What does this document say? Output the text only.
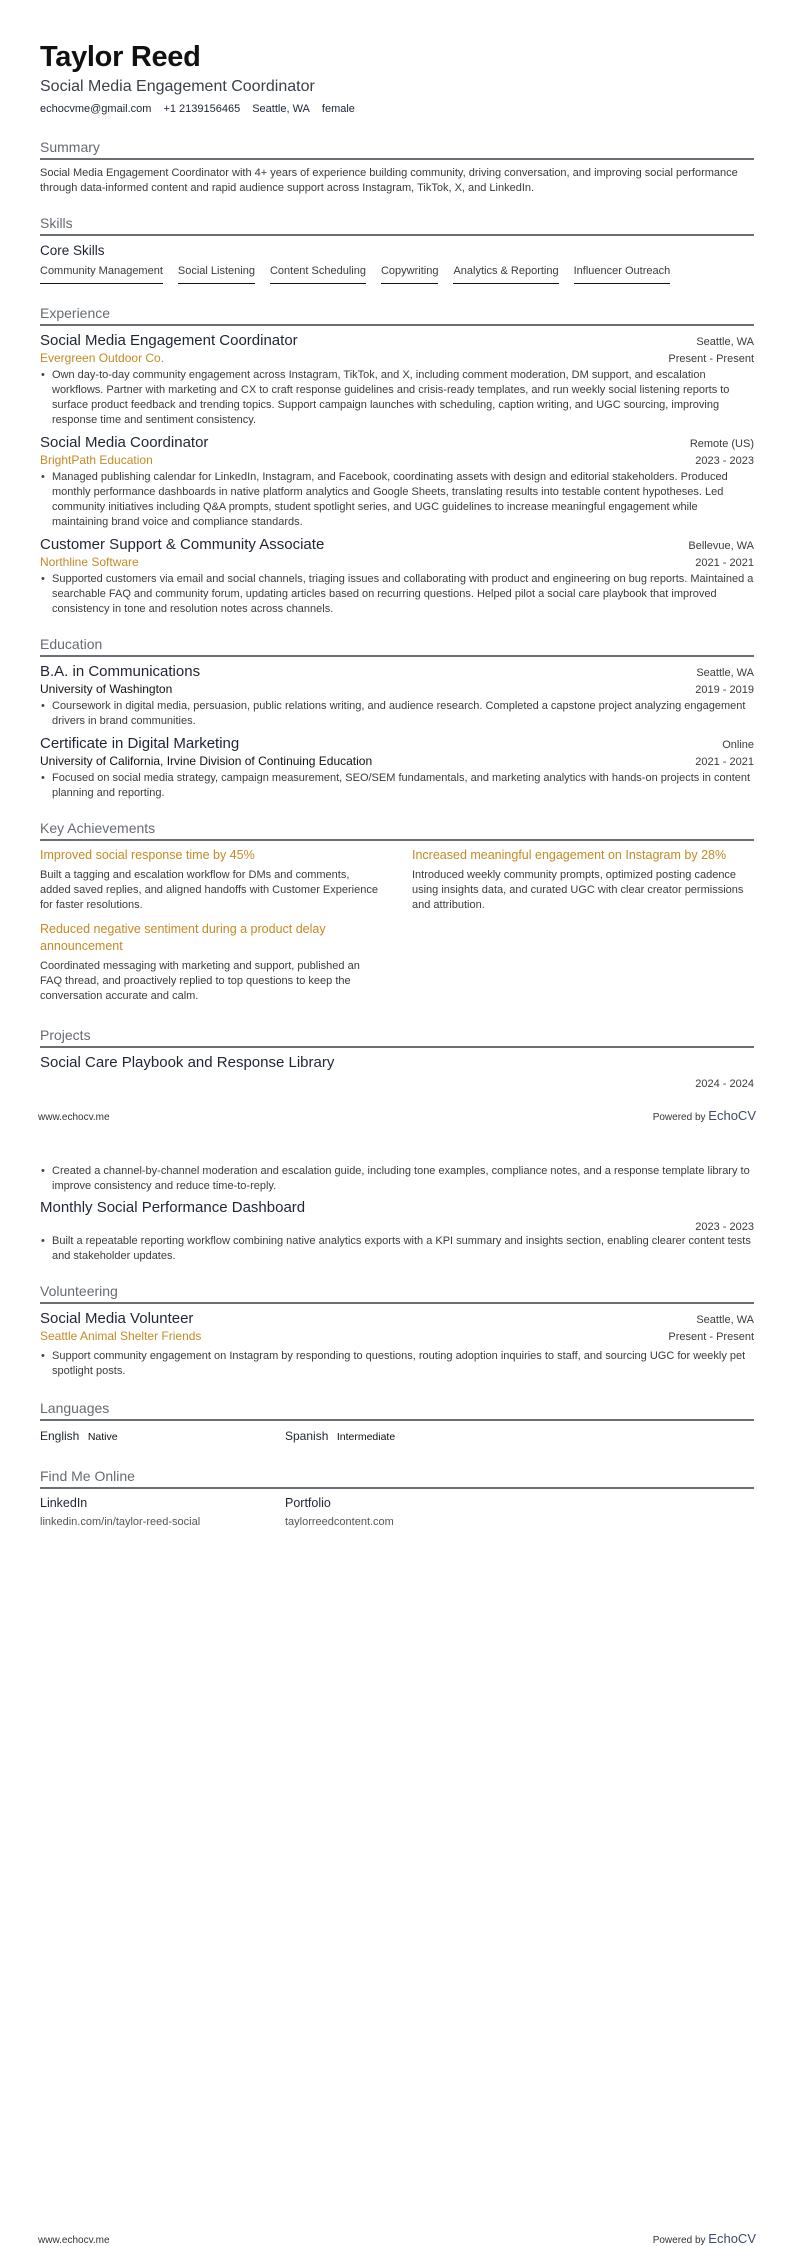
Taylor Reed
Social Media Engagement Coordinator
echocvme@gmail.com +1 2139156465 Seattle, WA female
Summary
Social Media Engagement Coordinator with 4+ years of experience building community, driving conversation, and improving social performance through data-informed content and rapid audience support across Instagram, TikTok, X, and LinkedIn.
Skills
Core Skills
Community Management Social Listening Content Scheduling Copywriting Analytics & Reporting Influencer Outreach
Experience
Social Media Engagement Coordinator	Seattle, WA
Evergreen Outdoor Co.	Present - Present
• Own day-to-day community engagement across Instagram, TikTok, and X, including comment moderation, DM support, and escalation workflows. Partner with marketing and CX to craft response guidelines and crisis-ready templates, and run weekly social listening reports to surface product feedback and trending topics. Support campaign launches with scheduling, caption writing, and UGC sourcing, improving response time and sentiment consistency.
Social Media Coordinator	Remote (US)
BrightPath Education	2023 - 2023
• Managed publishing calendar for LinkedIn, Instagram, and Facebook, coordinating assets with design and editorial stakeholders. Produced monthly performance dashboards in native platform analytics and Google Sheets, translating results into testable content hypotheses. Led community initiatives including Q&A prompts, student spotlight series, and UGC guidelines to increase meaningful engagement while maintaining brand voice and compliance standards.
Customer Support & Community Associate	Bellevue, WA
Northline Software	2021 - 2021
• Supported customers via email and social channels, triaging issues and collaborating with product and engineering on bug reports. Maintained a searchable FAQ and community forum, updating articles based on recurring questions. Helped pilot a social care playbook that improved consistency in tone and resolution notes across channels.
Education
B.A. in Communications	Seattle, WA
University of Washington	2019 - 2019
• Coursework in digital media, persuasion, public relations writing, and audience research. Completed a capstone project analyzing engagement drivers in brand communities.
Certificate in Digital Marketing	Online
University of California, Irvine Division of Continuing Education	2021 - 2021
• Focused on social media strategy, campaign measurement, SEO/SEM fundamentals, and marketing analytics with hands-on projects in content planning and reporting.
Key Achievements
Improved social response time by 45%
Built a tagging and escalation workflow for DMs and comments, added saved replies, and aligned handoffs with Customer Experience for faster resolutions.
Increased meaningful engagement on Instagram by 28%
Introduced weekly community prompts, optimized posting cadence using insights data, and curated UGC with clear creator permissions and attribution.
Reduced negative sentiment during a product delay announcement
Coordinated messaging with marketing and support, published an FAQ thread, and proactively replied to top questions to keep the conversation accurate and calm.
Projects
Social Care Playbook and Response Library
2024 - 2024
www.echocv.me	Powered by EchoCV
• Created a channel-by-channel moderation and escalation guide, including tone examples, compliance notes, and a response template library to improve consistency and reduce time-to-reply.
Monthly Social Performance Dashboard
2023 - 2023
• Built a repeatable reporting workflow combining native analytics exports with a KPI summary and insights section, enabling clearer content tests and stakeholder updates.
Volunteering
Social Media Volunteer	Seattle, WA
Seattle Animal Shelter Friends	Present - Present
• Support community engagement on Instagram by responding to questions, routing adoption inquiries to staff, and sourcing UGC for weekly pet spotlight posts.
Languages
English Native	Spanish Intermediate
Find Me Online
LinkedIn
linkedin.com/in/taylor-reed-social
Portfolio
taylorreedcontent.com
www.echocv.me	Powered by EchoCV
